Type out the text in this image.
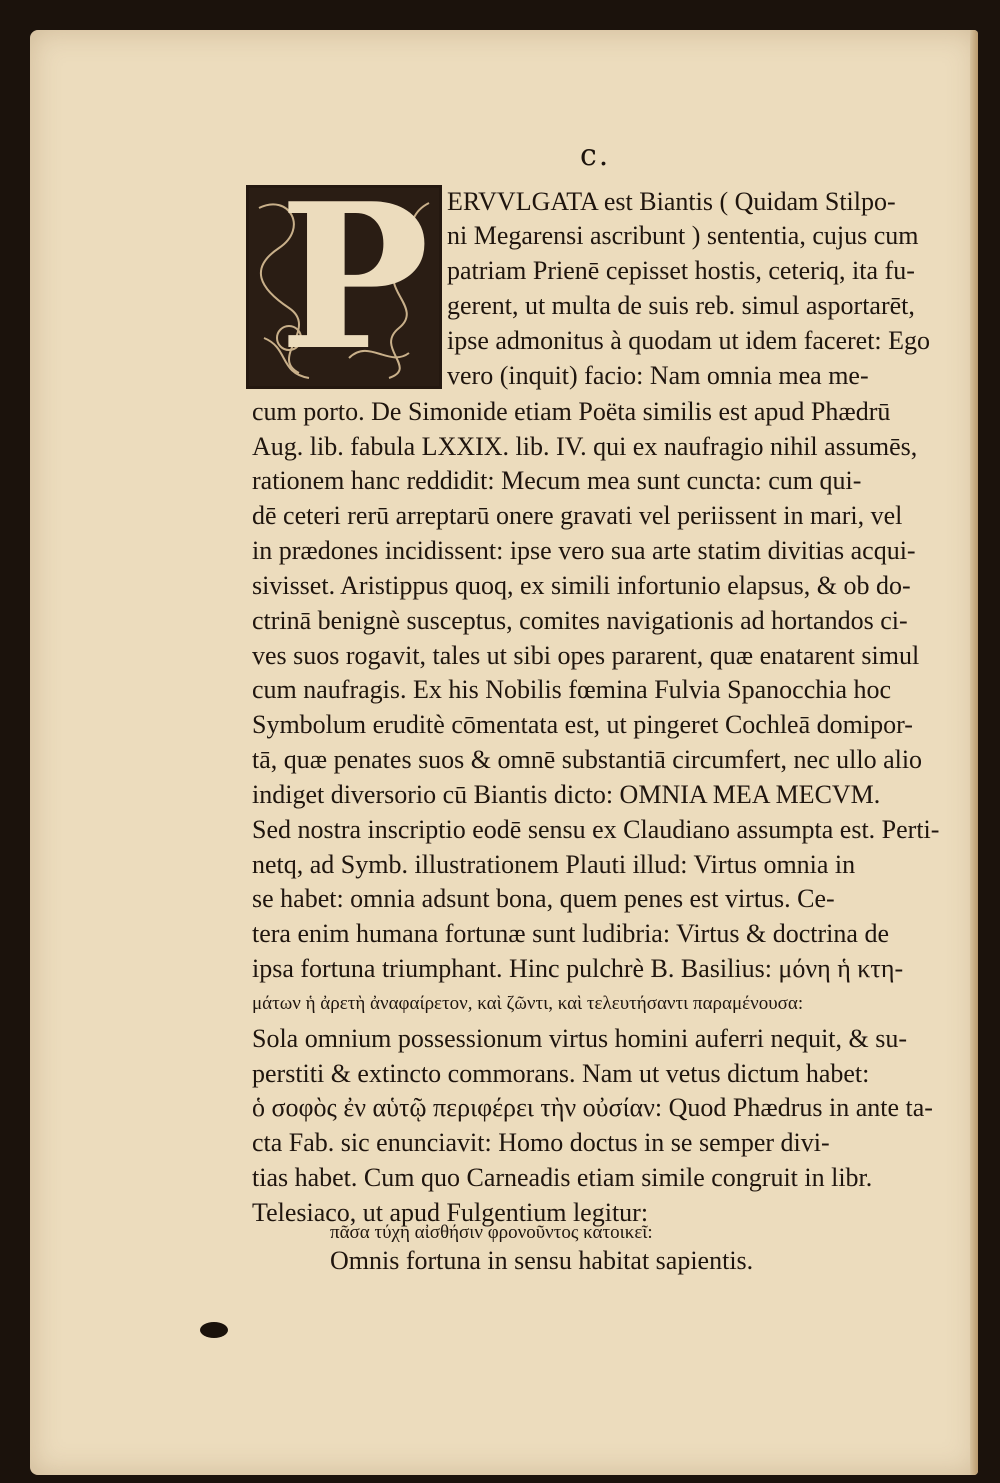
c.
P ERVVLGATA est Biantis ( Quidam Stilpo-
ni Megarensi ascribunt ) sententia, cujus cum
patriam Prienē cepisset hostis, ceteriq, ita fu-
gerent, ut multa de suis reb. simul asportarēt,
ipse admonitus à quodam ut idem faceret: Ego
vero (inquit) facio: Nam omnia mea me-
cum porto. De Simonide etiam Poëta similis est apud Phædrū
Aug. lib. fabula LXXIX. lib. IV. qui ex naufragio nihil assumēs,
rationem hanc reddidit: Mecum mea sunt cuncta: cum qui-
dē ceteri rerū arreptarū onere gravati vel periissent in mari, vel
in prædones incidissent: ipse vero sua arte statim divitias acqui-
sivisset. Aristippus quoq, ex simili infortunio elapsus, & ob do-
ctrinā benignè susceptus, comites navigationis ad hortandos ci-
ves suos rogavit, tales ut sibi opes pararent, quæ enatarent simul
cum naufragis. Ex his Nobilis fœmina Fulvia Spanocchia hoc
Symbolum eruditè cōmentata est, ut pingeret Cochleā domipor-
tā, quæ penates suos & omnē substantiā circumfert, nec ullo alio
indiget diversorio cū Biantis dicto: OMNIA MEA MECVM.
Sed nostra inscriptio eodē sensu ex Claudiano assumpta est. Perti-
netq, ad Symb. illustrationem Plauti illud: Virtus omnia in
se habet: omnia adsunt bona, quem penes est virtus. Ce-
tera enim humana fortunæ sunt ludibria: Virtus & doctrina de
ipsa fortuna triumphant. Hinc pulchrè B. Basilius: μόνη ἡ κτη-
μάτων ἡ ἀρετὴ ἀναφαίρετον, καὶ ζῶντι, καὶ τελευτήσαντι παραμένουσα:
Sola omnium possessionum virtus homini auferri nequit, & su-
perstiti & extincto commorans. Nam ut vetus dictum habet:
ὁ σοφὸς ἐν αὑτῷ περιφέρει τὴν οὐσίαν: Quod Phædrus in ante ta-
cta Fab. sic enunciavit: Homo doctus in se semper divi-
tias habet. Cum quo Carneadis etiam simile congruit in libr.
Telesiaco, ut apud Fulgentium legitur:
πᾶσα τύχη αἰσθήσιν φρονοῦντος κατοικεῖ:
Omnis fortuna in sensu habitat sapientis.
